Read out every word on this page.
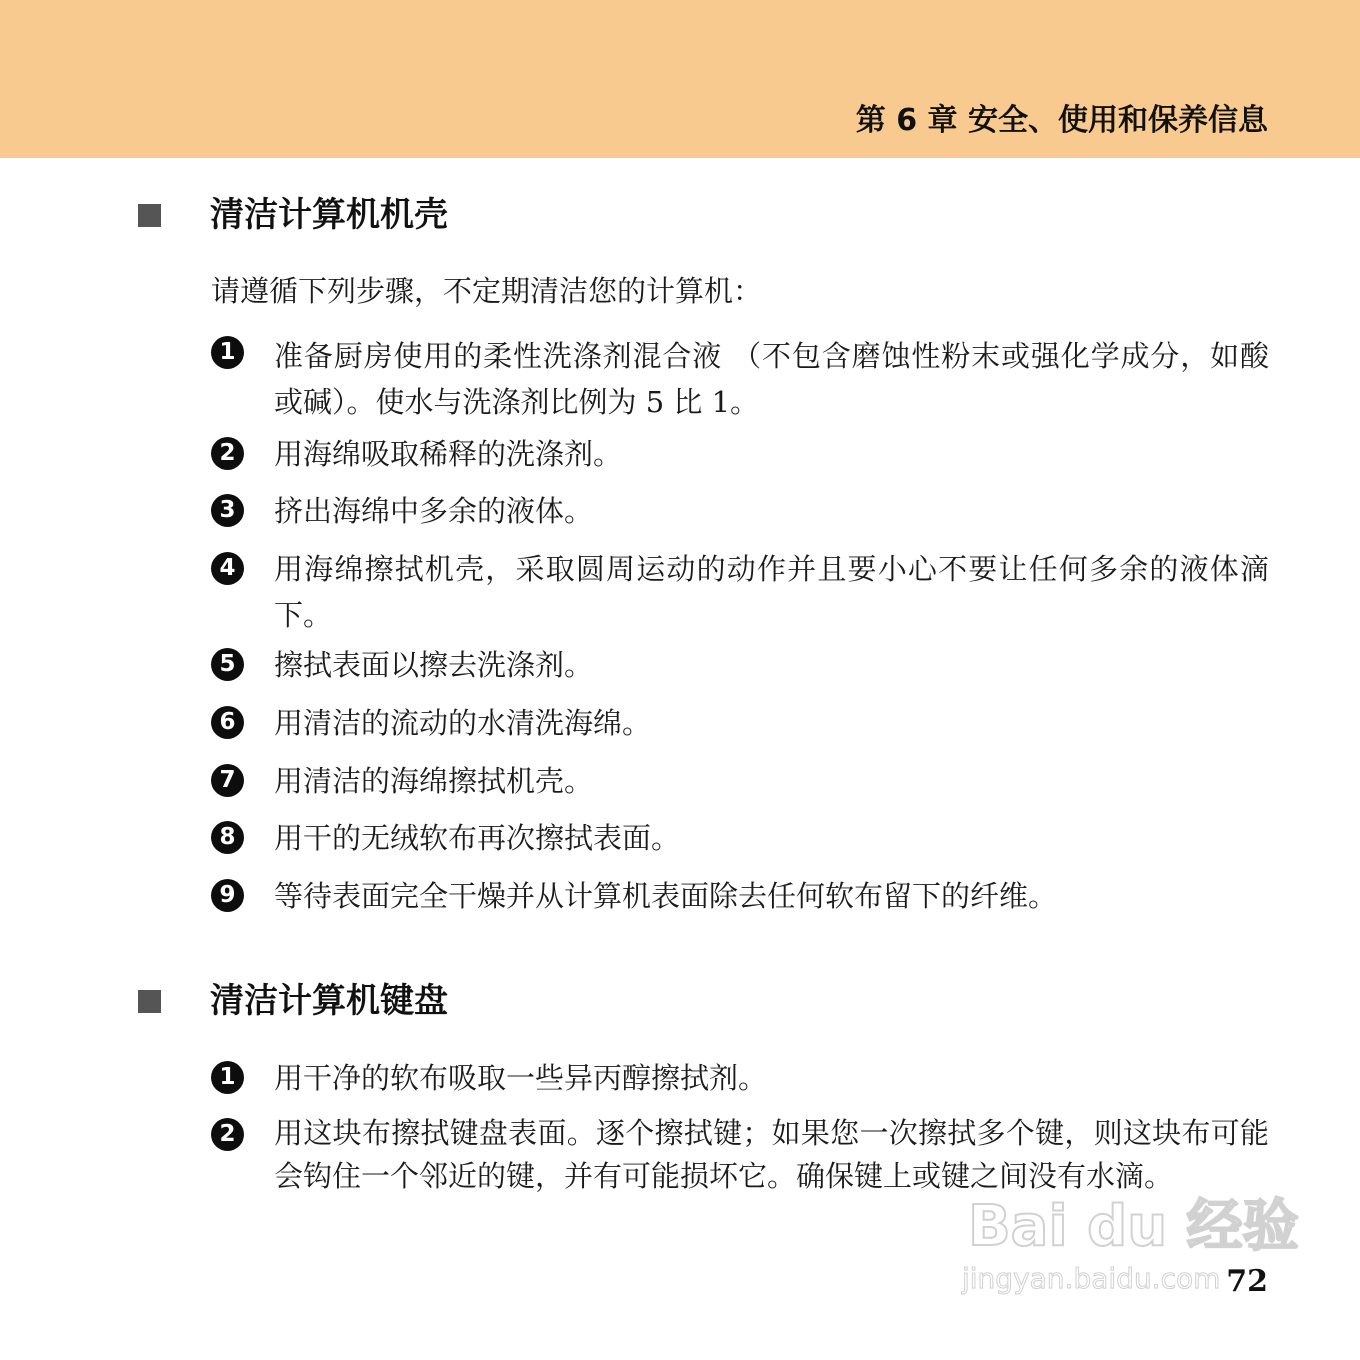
第 6 章 安全、使用和保养信息
清洁计算机机壳
请遵循下列步骤，不定期清洁您的计算机：
1 准备厨房使用的柔性洗涤剂混合液 （不包含磨蚀性粉末或强化学成分，如酸或碱）。使水与洗涤剂比例为 5 比 1。
2 用海绵吸取稀释的洗涤剂。
3 挤出海绵中多余的液体。
4 用海绵擦拭机壳，采取圆周运动的动作并且要小心不要让任何多余的液体滴下。
5 擦拭表面以擦去洗涤剂。
6 用清洁的流动的水清洗海绵。
7 用清洁的海绵擦拭机壳。
8 用干的无绒软布再次擦拭表面。
9 等待表面完全干燥并从计算机表面除去任何软布留下的纤维。
清洁计算机键盘
1 用干净的软布吸取一些异丙醇擦拭剂。
2 用这块布擦拭键盘表面。逐个擦拭键；如果您一次擦拭多个键，则这块布可能会钩住一个邻近的键，并有可能损坏它。确保键上或键之间没有水滴。
Bai du 经验
jingyan.baidu.com 72
